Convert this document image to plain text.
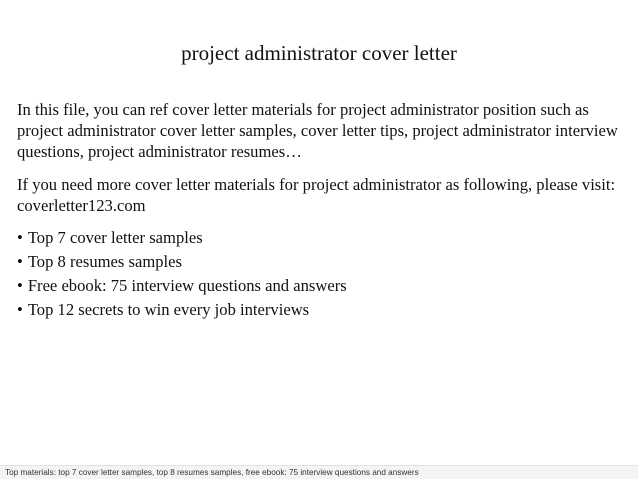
project administrator cover letter

In this file, you can ref cover letter materials for project administrator position such as project administrator cover letter samples, cover letter tips, project administrator interview questions, project administrator resumes…

If you need more cover letter materials for project administrator as following, please visit: coverletter123.com

• Top 7 cover letter samples
• Top 8 resumes samples
• Free ebook: 75 interview questions and answers
• Top 12 secrets to win every job interviews
Top materials: top 7 cover letter samples, top 8 resumes samples, free ebook: 75 interview questions and answers
